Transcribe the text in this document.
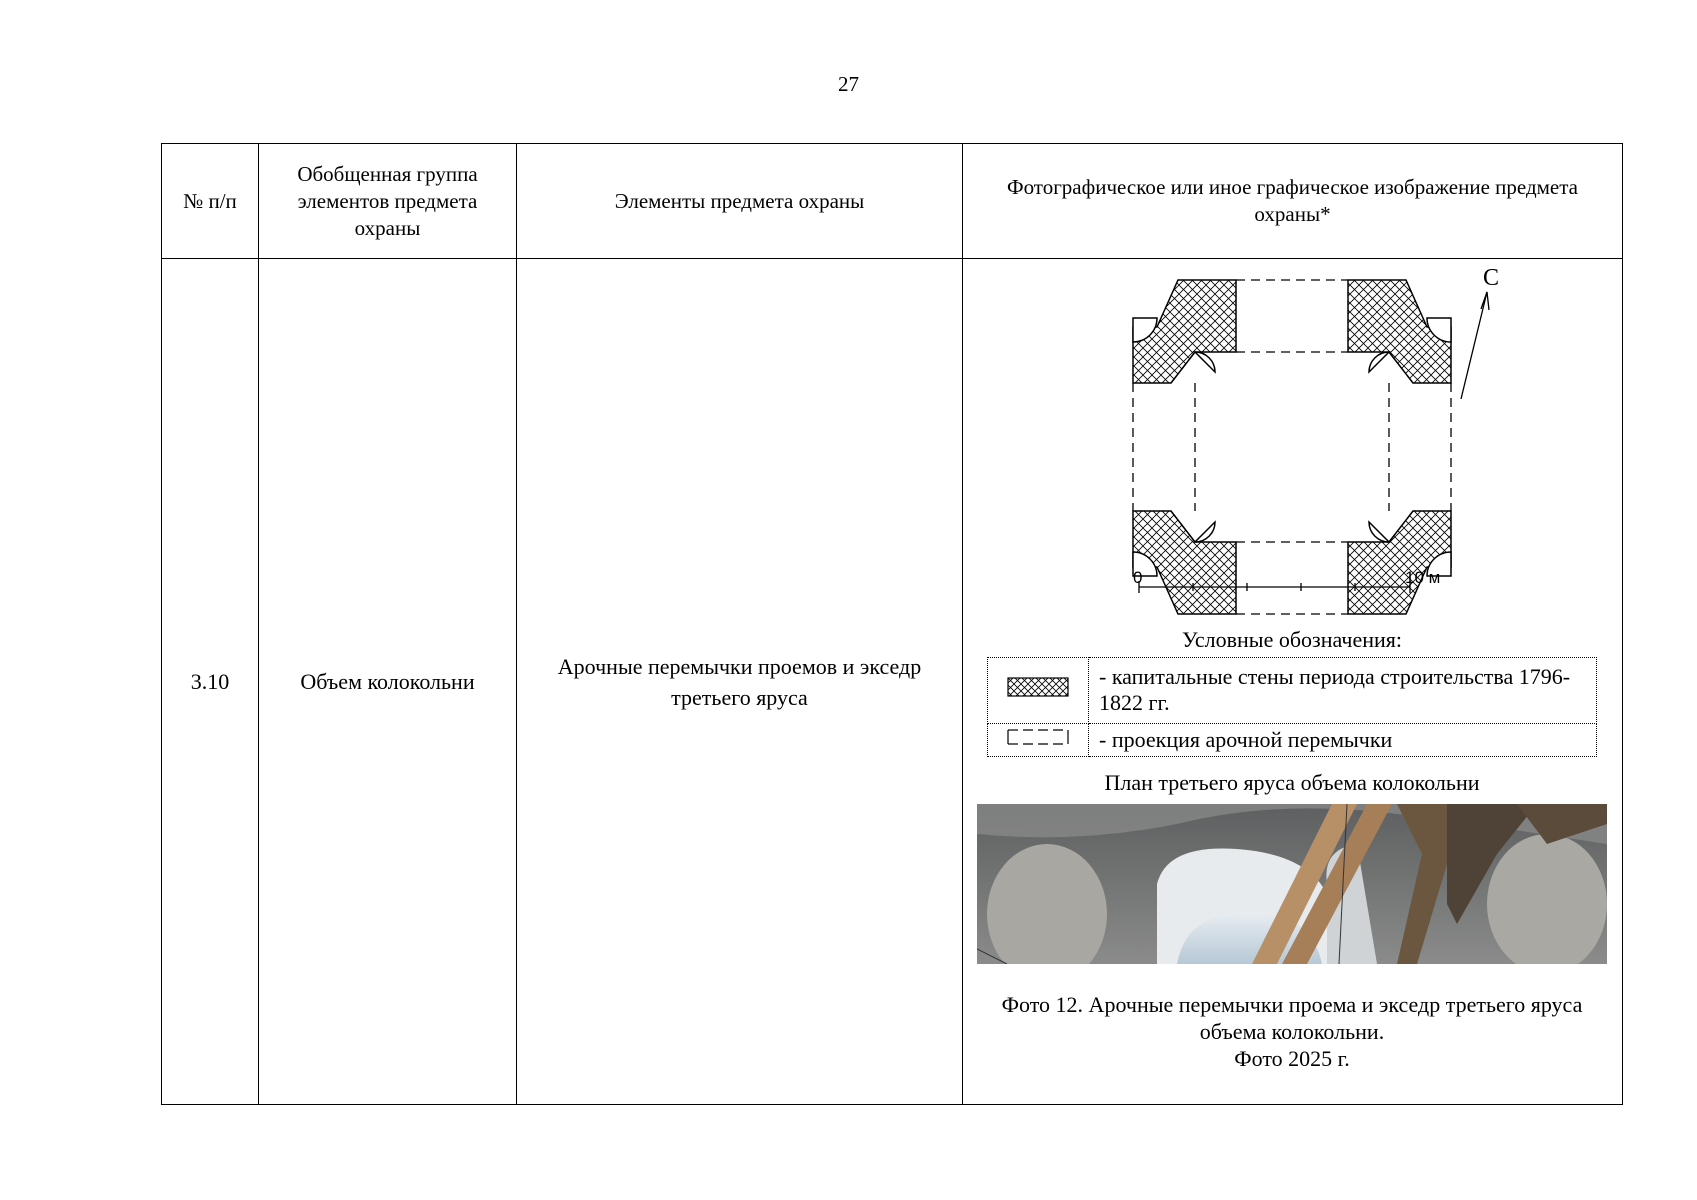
27
№ п/п	Обобщенная группа элементов предмета охраны	Элементы предмета охраны	Фотографическое или иное графическое изображение предмета охраны*
3.10	Объем колокольни	Арочные перемычки проемов и экседр третьего яруса	
С
0	10 м
Условные обозначения:
	- капитальные стены периода строительства 1796-1822 гг.
	- проекция арочной перемычки
План третьего яруса объема колокольни
Фото 12. Арочные перемычки проема и экседр третьего яруса объема колокольни.
Фото 2025 г.
